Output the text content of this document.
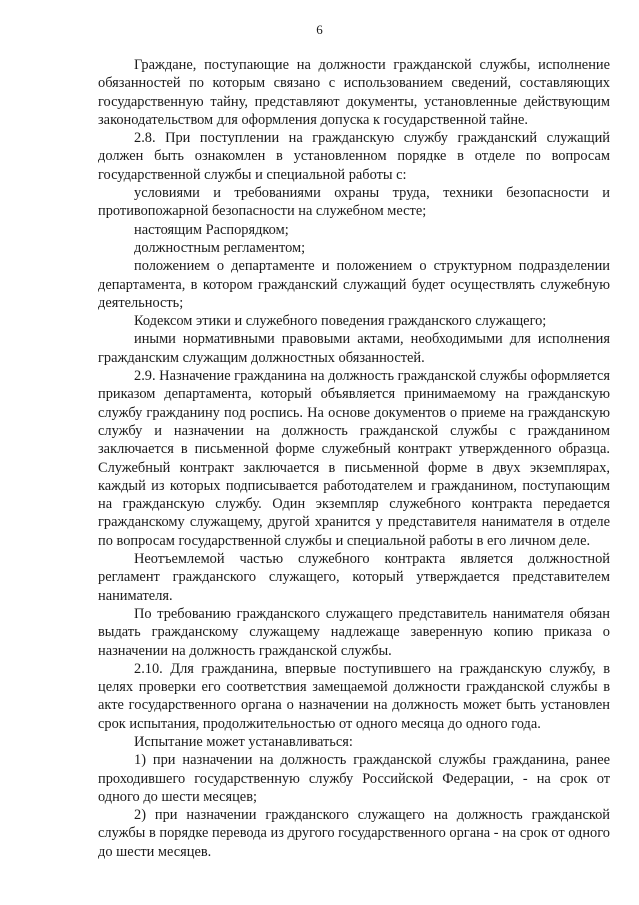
6

Граждане, поступающие на должности гражданской службы, исполнение обязанностей по которым связано с использованием сведений, составляющих государственную тайну, представляют документы, установленные действующим законодательством для оформления допуска к государственной тайне.

2.8. При поступлении на гражданскую службу гражданский служащий должен быть ознакомлен в установленном порядке в отделе по вопросам государственной службы и специальной работы с:

условиями и требованиями охраны труда, техники безопасности и противопожарной безопасности на служебном месте;

настоящим Распорядком;

должностным регламентом;

положением о департаменте и положением о структурном подразделении департамента, в котором гражданский служащий будет осуществлять служебную деятельность;

Кодексом этики и служебного поведения гражданского служащего;

иными нормативными правовыми актами, необходимыми для исполнения гражданским служащим должностных обязанностей.

2.9. Назначение гражданина на должность гражданской службы оформляется приказом департамента, который объявляется принимаемому на гражданскую службу гражданину под роспись. На основе документов о приеме на гражданскую службу и назначении на должность гражданской службы с гражданином заключается в письменной форме служебный контракт утвержденного образца. Служебный контракт заключается в письменной форме в двух экземплярах, каждый из которых подписывается работодателем и гражданином, поступающим на гражданскую службу. Один экземпляр служебного контракта передается гражданскому служащему, другой хранится у представителя нанимателя в отделе по вопросам государственной службы и специальной работы в его личном деле.

Неотъемлемой частью служебного контракта является должностной регламент гражданского служащего, который утверждается представителем нанимателя.

По требованию гражданского служащего представитель нанимателя обязан выдать гражданскому служащему надлежаще заверенную копию приказа о назначении на должность гражданской службы.

2.10. Для гражданина, впервые поступившего на гражданскую службу, в целях проверки его соответствия замещаемой должности гражданской службы в акте государственного органа о назначении на должность может быть установлен срок испытания, продолжительностью от одного месяца до одного года.

Испытание может устанавливаться:

1) при назначении на должность гражданской службы гражданина, ранее проходившего государственную службу Российской Федерации, - на срок от одного до шести месяцев;

2) при назначении гражданского служащего на должность гражданской службы в порядке перевода из другого государственного органа - на срок от одного до шести месяцев.
